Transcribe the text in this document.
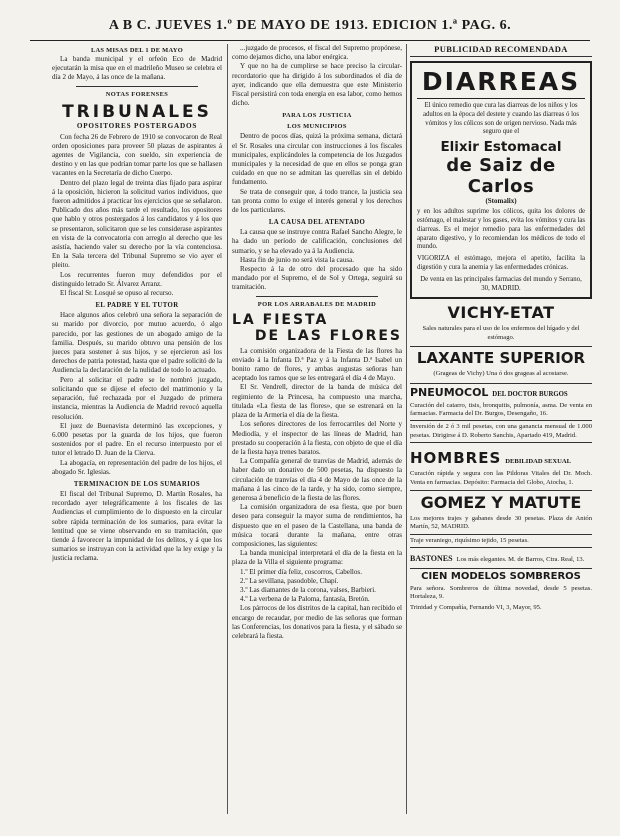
A B C. JUEVES 1.º DE MAYO DE 1913. EDICION 1.ª PAG. 6.
LAS MISAS DEL 1 DE MAYO

La banda municipal y el orfeón Eco de Madrid ejecutarán la misa que en el madrileño Museo se celebra el día 2 de Mayo, á las once de la mañana.

NOTAS FORENSES
TRIBUNALES
OPOSITORES POSTERGADOS

Con fecha 26 de Febrero de 1910 se convocaron de Real orden oposiciones para proveer 50 plazas de aspirantes á agentes de Vigilancia, con sueldo, sin experiencia de destino y en las que podrían tomar parte los que se hallasen vacantes en la Secretaría de dicho Cuerpo.

Dentro del plazo legal de treinta días fijado para aspirar á la oposición, hicieron la solicitud varios individuos, que fueron admitidos á practicar los ejercicios que se señalaron. Publicado dos años más tarde el resultado, los opositores que hablo y otros postergados á los candidatos y á los que se presentaron, solicitaron que se les considerase aspirantes en vista de la convocatoria con arreglo al derecho que les asistía, haciendo valer su derecho por la vía contenciosa. En la Sala tercera del Tribunal Supremo se vio ayer el pleito.

Los recurrentes fueron muy defendidos por el distinguido letrado Sr. Álvarez Arranz.

El fiscal Sr. Losqué se opuso al recurso.

EL PADRE Y EL TUTOR

Hace algunos años celebró una señora la separación de su marido por divorcio, por mutuo acuerdo, ó algo parecido, por las gestiones de un abogado amigo de la familia. Después, su marido obtuvo una pensión de los jueces para sostener á sus hijos, y se ejercieron así los derechos de patria potestad, hasta que el padre solicitó de la Audiencia la declaración de la nulidad de todo lo actuado.

Pero al solicitar el padre se le nombró juzgado, solicitando que se dijese el efecto del matrimonio y la separación, fué rechazada por el Juzgado de primera instancia, mientras la Audiencia de Madrid revocó aquella resolución.

El juez de Buenavista determinó las excepciones, y 6.000 pesetas por la guarda de los hijos, que fueron sostenidos por el padre. En el recurso interpuesto por el tutor el letrado D. Juan de la Cierva.

La abogacía, en representación del padre de los hijos, el abogado Sr. Iglesias.

TERMINACION DE LOS SUMARIOS

El fiscal del Tribunal Supremo, D. Martín Rosales, ha recordado ayer telegráficamente á los fiscales de las Audiencias el cumplimiento de lo dispuesto en la circular sobre rápida terminación de los sumarios, para evitar la lentitud que se viene observando en su tramitación, que tiende á favorecer la impunidad de los delitos, y á que los sumarios se instruyan con la actividad que la ley exige y la justicia reclama.

...juzgado de procesos, el fiscal del Supremo propónese, como dejamos dicho, una labor enérgica.

Y que no ha de cumplirse se hace preciso la circular-recordatorio que ha dirigido á los subordinados el día de ayer, indicando que ella demuestra que este Ministerio Fiscal persistirá con toda energía en esa labor, como hemos dicho.

PARA LOS JUSTICIA
LOS MUNICIPIOS

Dentro de pocos días, quizá la próxima semana, dictará el Sr. Rosales una circular con instrucciones á los fiscales municipales, explicándoles la competencia de los Juzgados municipales y la necesidad de que en ellos se ponga gran cuidado en que no se admitan las querellas sin el debido fundamento.

Se trata de conseguir que, á todo trance, la justicia sea tan pronta como lo exige el interés general y los derechos de los particulares.

LA CAUSA DEL ATENTADO

La causa que se instruye contra Rafael Sancho Alegre, le ha dado un período de calificación, conclusiones del sumario, y se ha elevado ya á la Audiencia.

Hasta fin de junio no será vista la causa.

Respecto á la de otro del procesado que ha sido mandado por el Supremo, el de Sol y Ortega, seguirá su tramitación.

POR LOS ARRABALES DE MADRID
LA FIESTA
DE LAS FLORES

La comisión organizadora de la Fiesta de las flores ha enviado á la Infanta D.ª Paz y á la Infanta D.ª Isabel un bonito ramo de flores, y ambas augustas señoras han aceptado los ramos que se les entregará el día 4 de Mayo.

El Sr. Vendrell, director de la banda de música del regimiento de la Princesa, ha compuesto una marcha, titulada «La fiesta de las flores», que se estrenará en la plaza de la Armería el día de la fiesta.

Los señores directores de los ferrocarriles del Norte y Mediodía, y el inspector de las líneas de Madrid, han prestado su cooperación á la fiesta, con objeto de que el día de la fiesta haya trenes baratos.

La Compañía general de tranvías de Madrid, además de haber dado un donativo de 500 pesetas, ha dispuesto la circulación de tranvías el día 4 de Mayo de las once de la mañana á las cinco de la tarde, y ha sido, como siempre, generosa á beneficio de la fiesta de las flores.

La comisión organizadora de esa fiesta, que por buen deseo para conseguir la mayor suma de rendimientos, ha dispuesto que en el paseo de la Castellana, una banda de música tocará durante la mañana, entre otras composiciones, las siguientes:

La banda municipal interpretará el día de la fiesta en la plaza de la Villa el siguiente programa:

1.º El primer día feliz, coscorros, Cabellos.
2.º La sevillana, pasodoble, Chapí.
3.º Las diamantes de la corona, valses, Barbieri.
4.º La verbena de la Paloma, fantasía, Bretón.

Los párrocos de los distritos de la capital, han recibido el encargo de recaudar, por medio de las señoras que forman las Conferencias, los donativos para la fiesta, y el sábado se celebrará la fiesta.

PUBLICIDAD RECOMENDADA
DIARREAS
El único remedio que cura las diarreas de los niños y los adultos en la época del destete y cuando las diarreas ó los vómitos y los cólicos son de origen nervioso. Nada más seguro que el
Elixir Estomacal
de Saiz de Carlos
(Stomalix)
y en los adultos suprime los cólicos, quita los dolores de estómago, el malestar y los gases, evita los vómitos y cura las diarreas. Es el mejor remedio para las enfermedades del aparato digestivo, y lo recomiendan los médicos de todo el mundo.
VIGORIZA el estómago, mejora el apetito, facilita la digestión y cura la anemia y las enfermedades crónicas.
De venta en las principales farmacias del mundo y Serrano, 30, MADRID.
VICHY-ETAT
Sales naturales para el uso de los enfermos del hígado y del estómago.
LAXANTE SUPERIOR
(Grageas de Vichy) Una ó dos grageas al acostarse.
PNEUMOCOL DEL DOCTOR BURGOS
Curación del catarro, tisis, bronquitis, pulmonía, asma. De venta en farmacias. Farmacia del Dr. Burgos, Desengaño, 16.
Inversión de 2 ó 3 mil pesetas, con una ganancia mensual de 1.000 pesetas. Dirigirse á D. Roberto Sanchis, Apartado 419, Madrid.
HOMBRES DEBILIDAD SEXUAL
Curación rápida y segura con las Pildoras Vitales del Dr. Moch. Venta en farmacias. Depósito: Farmacia del Globo, Atocha, 1.
GOMEZ Y MATUTE
Los mejores trajes y gabanes desde 30 pesetas. Plaza de Antón Martín, 52, MADRID.
Traje veraniego, riquísimo tejido, 15 pesetas.
BASTONES Los más elegantes. M. de Barros, Ctra. Real, 13.
CIEN MODELOS SOMBREROS
Para señora. Sombreros de última novedad, desde 5 pesetas. Hortaleza, 9.
Trinidad y Compañía, Fernando VI, 3, Mayor, 95.
